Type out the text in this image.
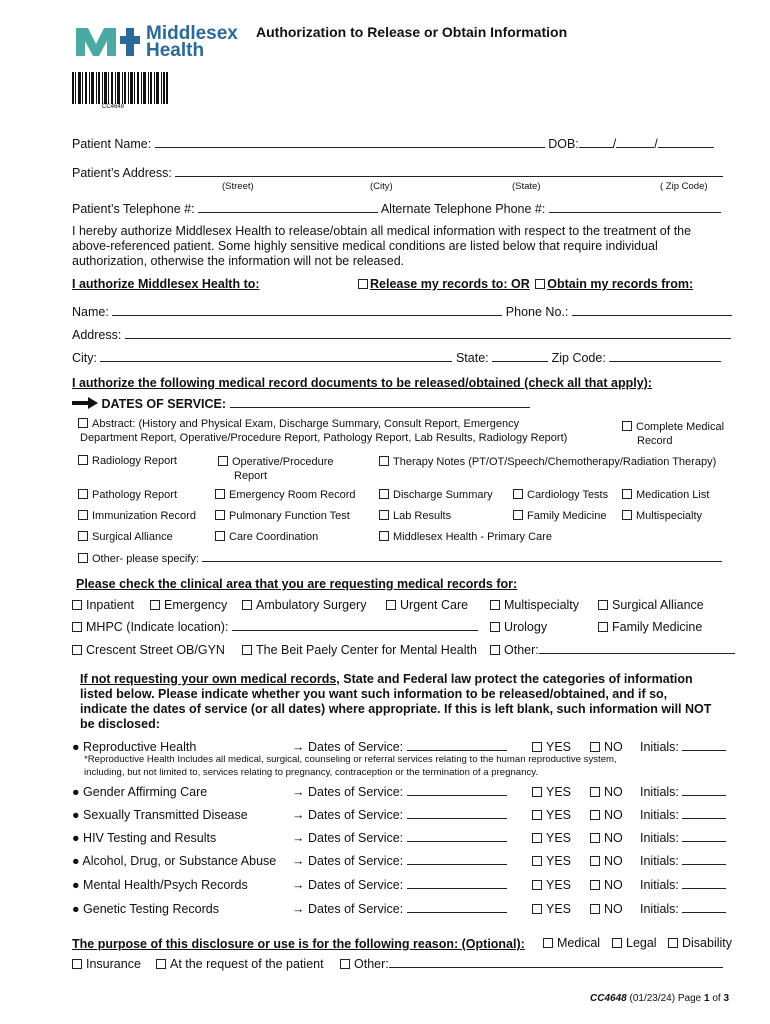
Middlesex
Health
Authorization to Release or Obtain Information
CC4648
Patient Name:	DOB:	/	/
Patient’s Address:
(Street)	(City)	(State)	( Zip Code)
Patient’s Telephone #:	Alternate Telephone Phone #:
I hereby authorize Middlesex Health to release/obtain all medical information with respect to the treatment of the
above-referenced patient. Some highly sensitive medical conditions are listed below that require individual
authorization, otherwise the information will not be released.
I authorize Middlesex Health to:	Release my records to: OR Obtain my records from:
Name:	Phone No.:
Address:
City:	State:	Zip Code:
I authorize the following medical record documents to be released/obtained (check all that apply):
DATES OF SERVICE:
Abstract: (History and Physical Exam, Discharge Summary, Consult Report, Emergency
Department Report, Operative/Procedure Report, Pathology Report, Lab Results, Radiology Report)
Complete Medical
Record
Radiology Report	Operative/Procedure
Report
Therapy Notes (PT/OT/Speech/Chemotherapy/Radiation Therapy)
Pathology Report	Emergency Room Record	Discharge Summary	Cardiology Tests	Medication List
Immunization Record	Pulmonary Function Test	Lab Results	Family Medicine	Multispecialty
Surgical Alliance	Care Coordination	Middlesex Health - Primary Care
Other- please specify:
Please check the clinical area that you are requesting medical records for:
Inpatient	Emergency	Ambulatory Surgery	Urgent Care	Multispecialty	Surgical Alliance
MHPC (Indicate location):	Urology	Family Medicine
Crescent Street OB/GYN	The Beit Paely Center for Mental Health	Other:
If not requesting your own medical records, State and Federal law protect the categories of information
listed below. Please indicate whether you want such information to be released/obtained, and if so,
indicate the dates of service (or all dates) where appropriate. If this is left blank, such information will NOT
be disclosed:
● Reproductive Health	→ Dates of Service:	YES	NO Initials:
*Reproductive Health Includes all medical, surgical, counseling or referral services relating to the human reproductive system,
including, but not limited to, services relating to pregnancy, contraception or the termination of a pregnancy.
● Gender Affirming Care	→ Dates of Service:	YES	NO Initials:
● Sexually Transmitted Disease	→ Dates of Service:	YES	NO Initials:
● HIV Testing and Results	→ Dates of Service:	YES	NO Initials:
● Alcohol, Drug, or Substance Abuse → Dates of Service:	YES	NO Initials:
● Mental Health/Psych Records	→ Dates of Service:	YES	NO Initials:
● Genetic Testing Records	→ Dates of Service:	YES	NO Initials:
The purpose of this disclosure or use is for the following reason: (Optional):	Medical	Legal	Disability
Insurance	At the request of the patient	Other:
CC4648 (01/23/24) Page 1 of 3
